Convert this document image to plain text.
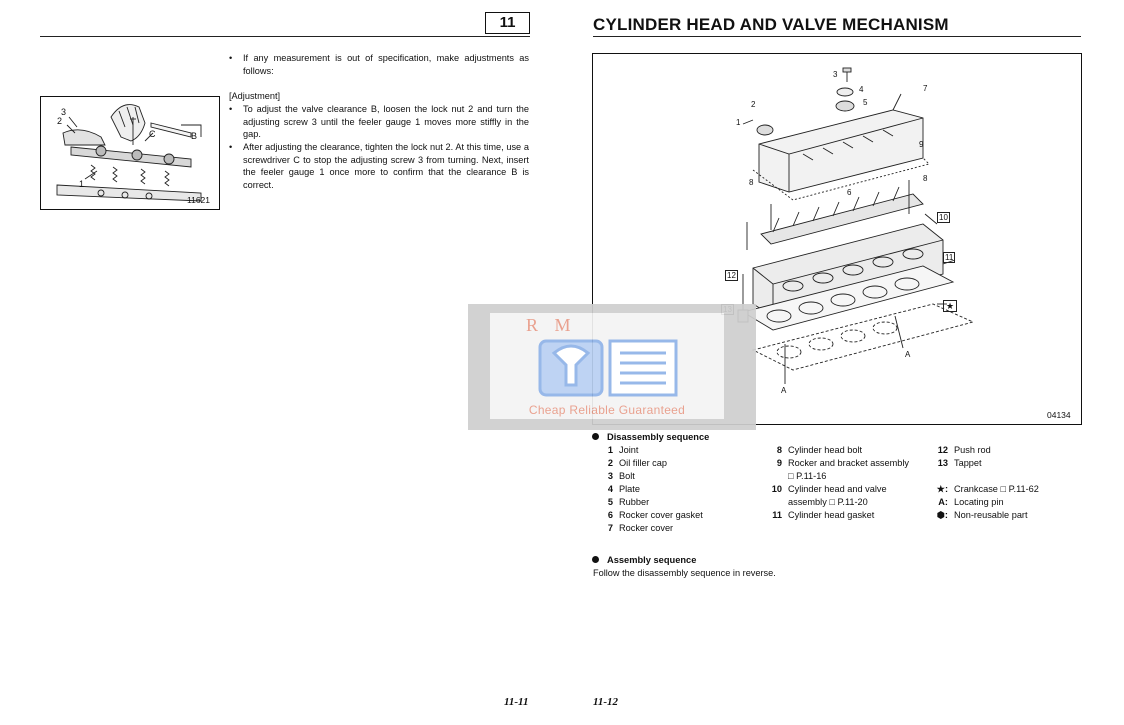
11
3
2
C	B
1
11621
• If any measurement is out of specification, make adjustments as follows:
[Adjustment]
• To adjust the valve clearance B, loosen the lock nut 2 and turn the adjusting screw 3 until the feeler gauge 1 moves more stiffly in the gap.
• After adjusting the clearance, tighten the lock nut 2. At this time, use a screwdriver C to stop the adjusting screw 3 from turning. Next, insert the feeler gauge 1 once more to confirm that the clearance B is correct.
11-11
CYLINDER HEAD AND VALVE MECHANISM
3
4
5
7
2
1
9
8	8
6
10
11
12
★
A
A
04134
Disassembly sequence
1 Joint
2 Oil filler cap
3 Bolt
4 Plate
5 Rubber
6 Rocker cover gasket
7 Rocker cover
8 Cylinder head bolt
9 Rocker and bracket assembly
□ P.11-16
10 Cylinder head and valve
assembly □ P.11-20
11 Cylinder head gasket
12 Push rod
13 Tappet
★: Crankcase □ P.11-62
A: Locating pin
⬢: Non-reusable part
Assembly sequence
Follow the disassembly sequence in reverse.
11-12
R M
Cheap Reliable Guaranteed
